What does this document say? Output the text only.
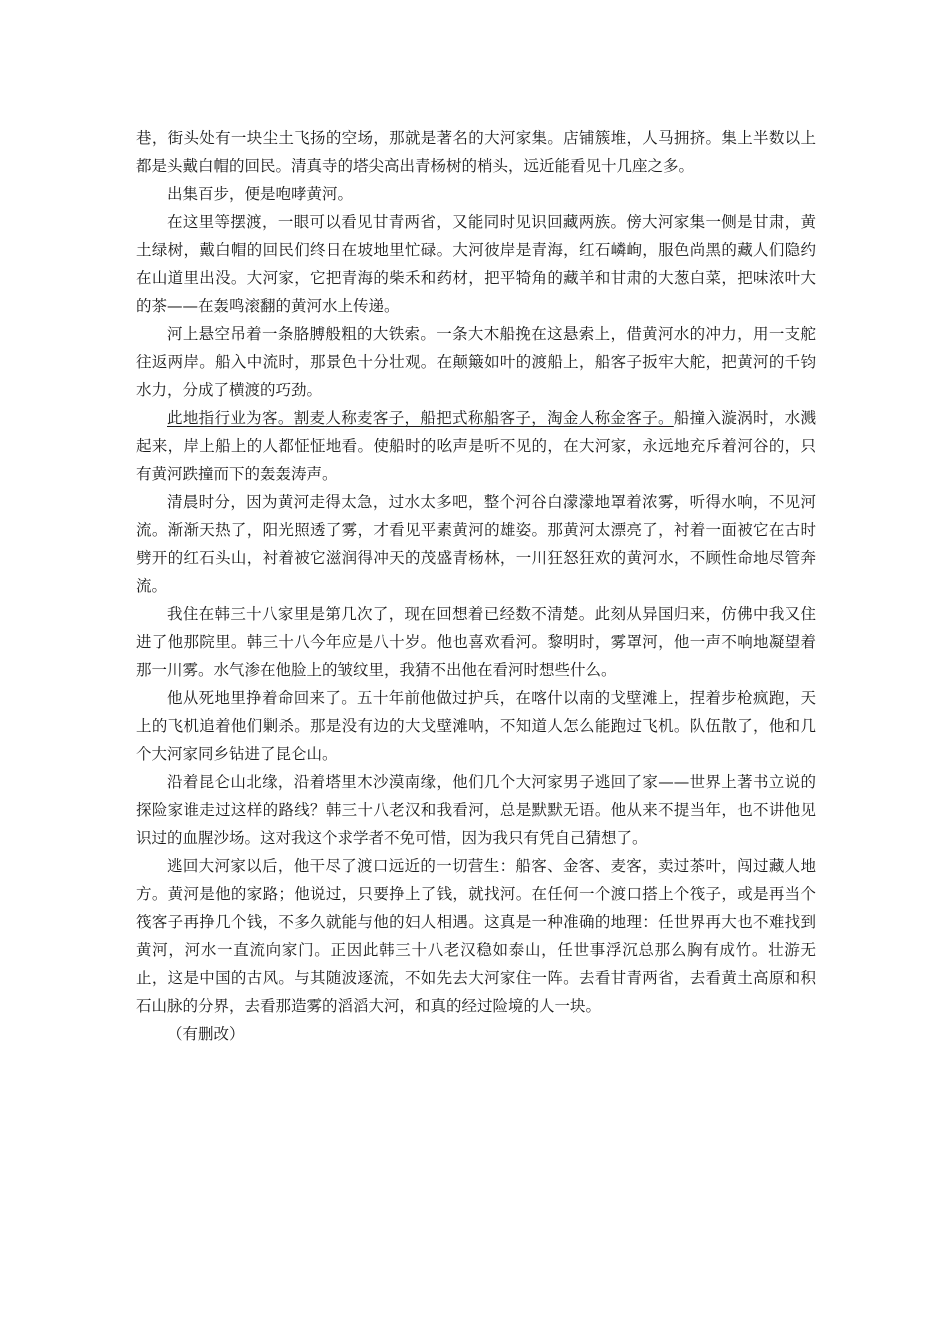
巷，街头处有一块尘土飞扬的空场，那就是著名的大河家集。店铺簇堆，人马拥挤。集上半数以上都是头戴白帽的回民。清真寺的塔尖高出青杨树的梢头，远近能看见十几座之多。

出集百步，便是咆哮黄河。

在这里等摆渡，一眼可以看见甘青两省，又能同时见识回藏两族。傍大河家集一侧是甘肃，黄土绿树，戴白帽的回民们终日在坡地里忙碌。大河彼岸是青海，红石嶙峋，服色尚黑的藏人们隐约在山道里出没。大河家，它把青海的柴禾和药材，把平犄角的藏羊和甘肃的大葱白菜，把味浓叶大的茶——在轰鸣滚翻的黄河水上传递。

河上悬空吊着一条胳膊般粗的大铁索。一条大木船挽在这悬索上，借黄河水的冲力，用一支舵往返两岸。船入中流时，那景色十分壮观。在颠簸如叶的渡船上，船客子扳牢大舵，把黄河的千钧水力，分成了横渡的巧劲。

此地指行业为客。割麦人称麦客子，船把式称船客子，淘金人称金客子。船撞入漩涡时，水溅起来，岸上船上的人都怔怔地看。使船时的吆声是听不见的，在大河家，永远地充斥着河谷的，只有黄河跌撞而下的轰轰涛声。

清晨时分，因为黄河走得太急，过水太多吧，整个河谷白濛濛地罩着浓雾，听得水响，不见河流。渐渐天热了，阳光照透了雾，才看见平素黄河的雄姿。那黄河太漂亮了，衬着一面被它在古时劈开的红石头山，衬着被它滋润得冲天的茂盛青杨林，一川狂怒狂欢的黄河水，不顾性命地尽管奔流。

我住在韩三十八家里是第几次了，现在回想着已经数不清楚。此刻从异国归来，仿佛中我又住进了他那院里。韩三十八今年应是八十岁。他也喜欢看河。黎明时，雾罩河，他一声不响地凝望着那一川雾。水气渗在他脸上的皱纹里，我猜不出他在看河时想些什么。

他从死地里挣着命回来了。五十年前他做过护兵，在喀什以南的戈壁滩上，捏着步枪疯跑，天上的飞机追着他们剿杀。那是没有边的大戈壁滩呐，不知道人怎么能跑过飞机。队伍散了，他和几个大河家同乡钻进了昆仑山。

沿着昆仑山北缘，沿着塔里木沙漠南缘，他们几个大河家男子逃回了家——世界上著书立说的探险家谁走过这样的路线？韩三十八老汉和我看河，总是默默无语。他从来不提当年，也不讲他见识过的血腥沙场。这对我这个求学者不免可惜，因为我只有凭自己猜想了。

逃回大河家以后，他干尽了渡口远近的一切营生：船客、金客、麦客，卖过茶叶，闯过藏人地方。黄河是他的家路；他说过，只要挣上了钱，就找河。在任何一个渡口搭上个筏子，或是再当个筏客子再挣几个钱，不多久就能与他的妇人相遇。这真是一种准确的地理：任世界再大也不难找到黄河，河水一直流向家门。正因此韩三十八老汉稳如泰山，任世事浮沉总那么胸有成竹。壮游无止，这是中国的古风。与其随波逐流，不如先去大河家住一阵。去看甘青两省，去看黄土高原和积石山脉的分界，去看那造雾的滔滔大河，和真的经过险境的人一块。

（有删改）
